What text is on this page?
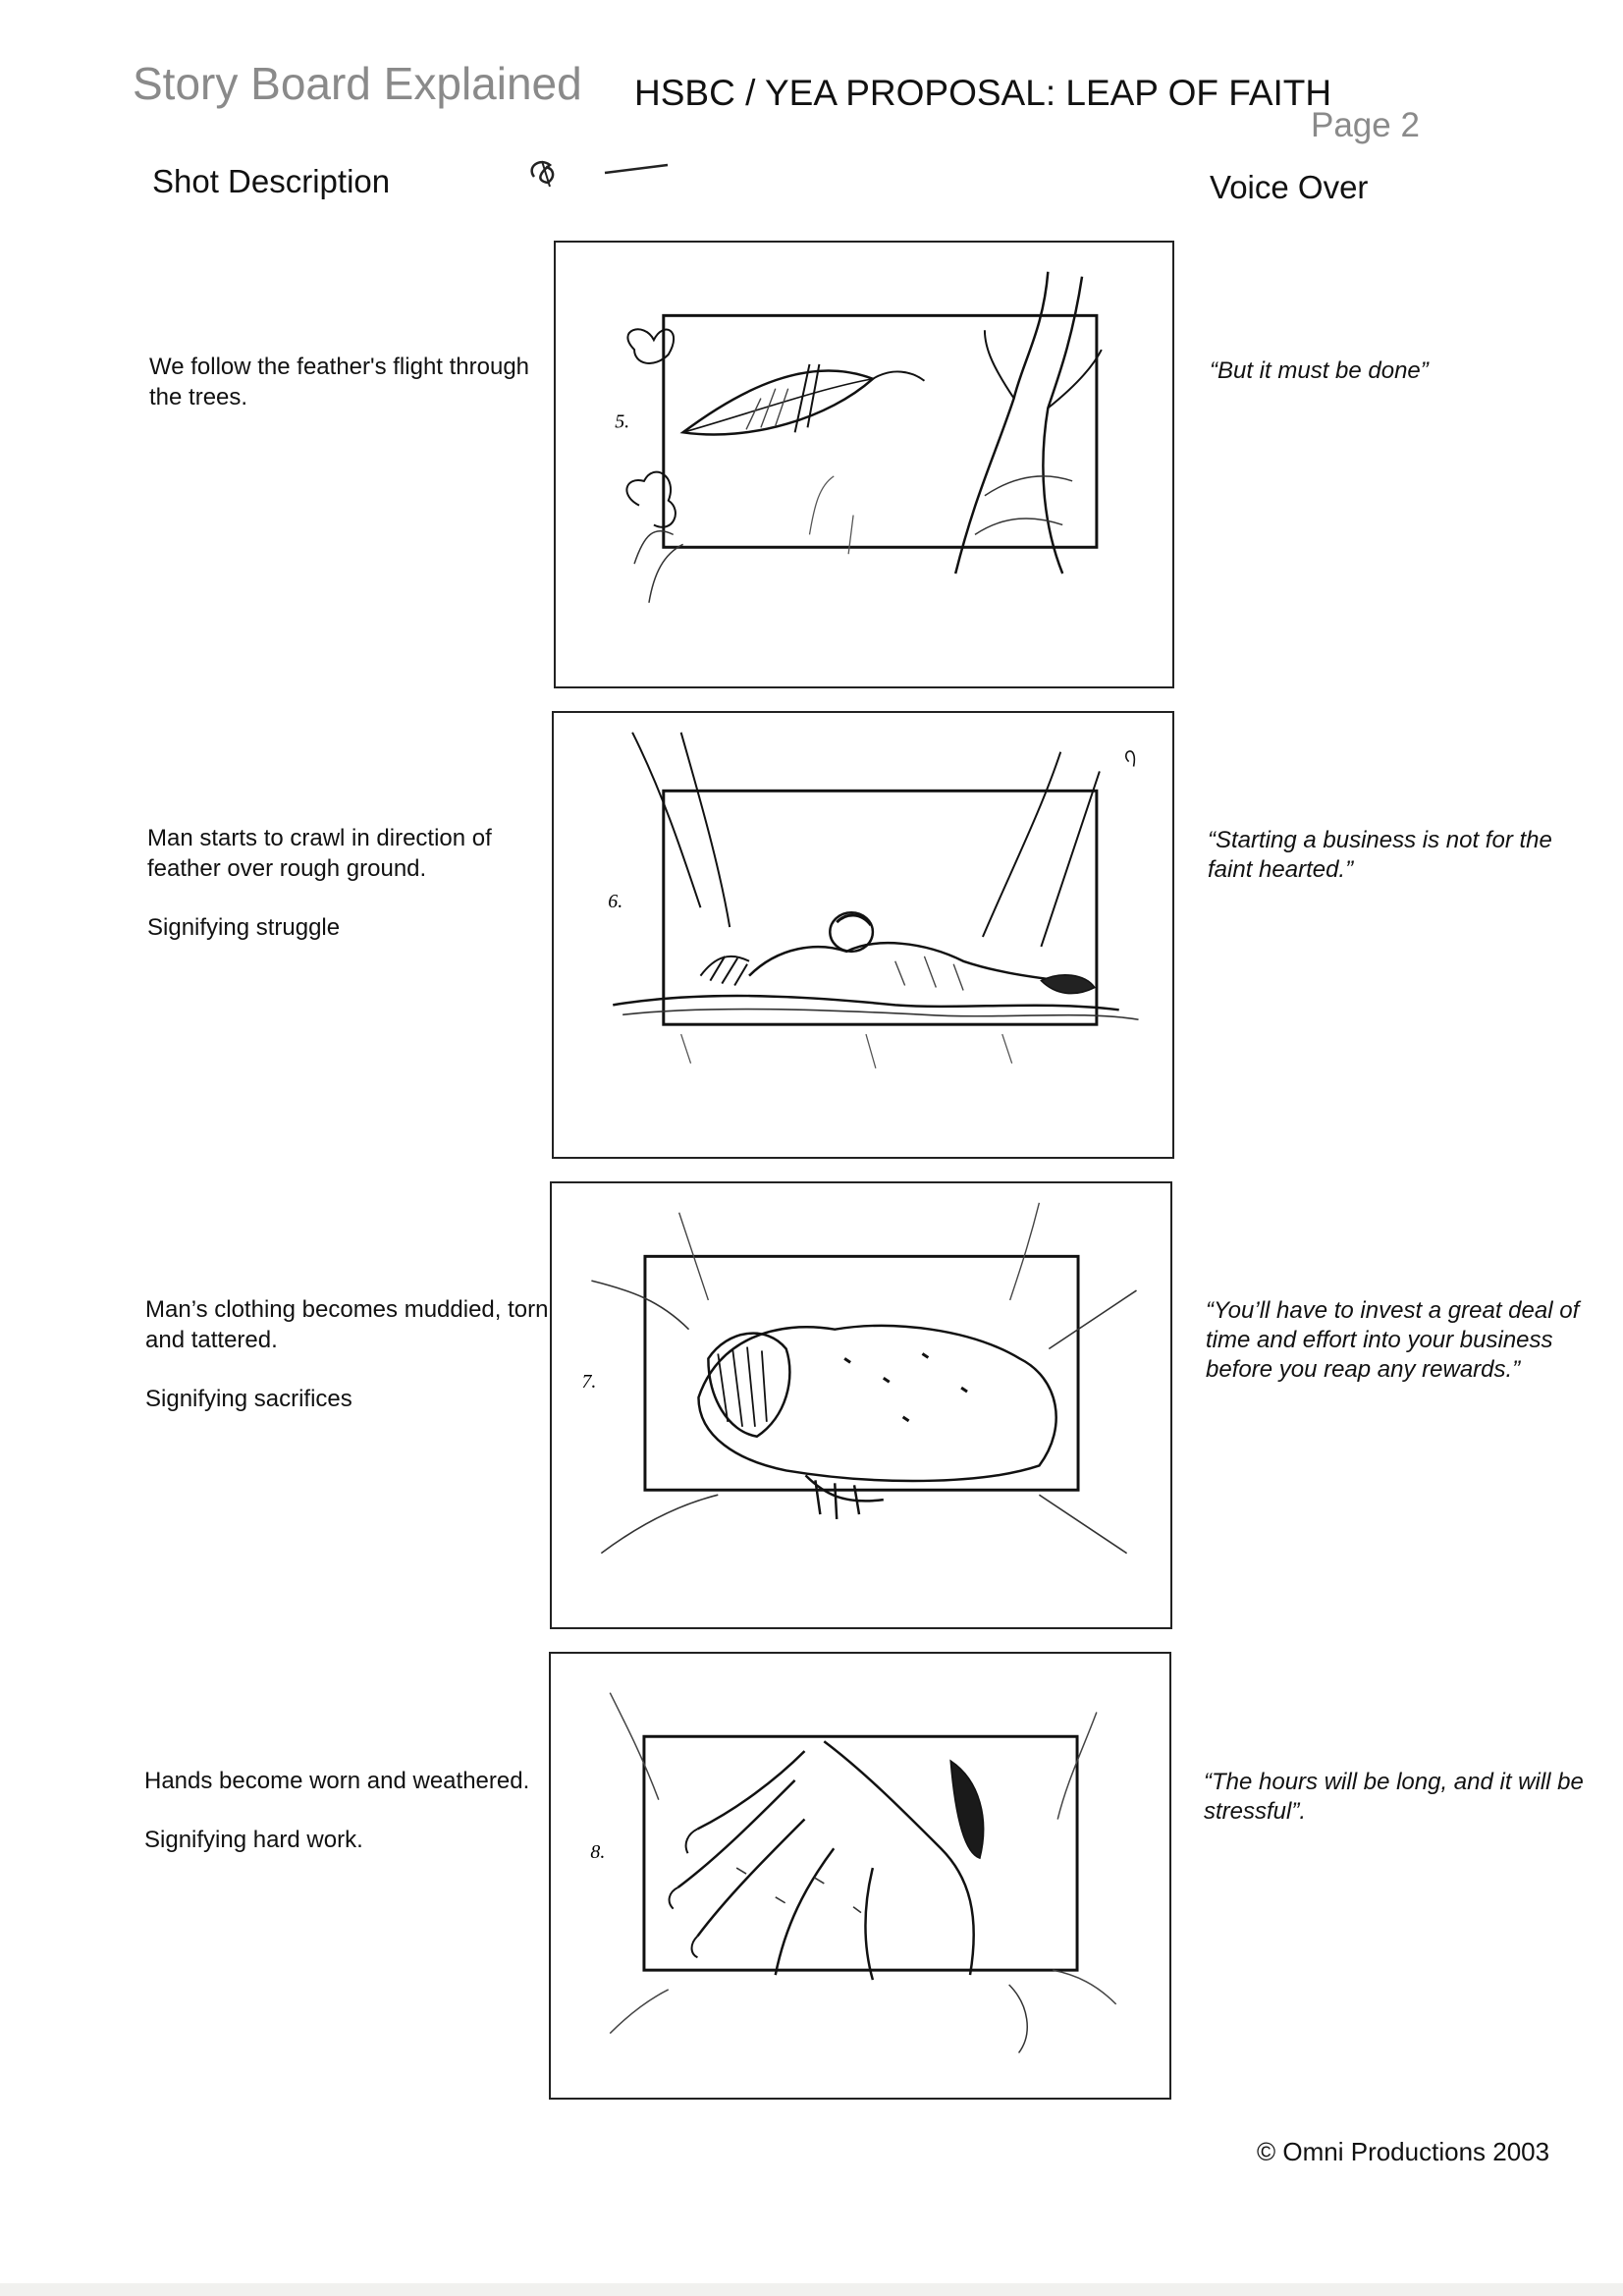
Story Board Explained HSBC / YEA PROPOSAL: LEAP OF FAITH
Page 2
Shot Description	Voice Over

We follow the feather's flight through the trees.

“But it must be done”
5.

Man starts to crawl in direction of feather over rough ground.

Signifying struggle

“Starting a business is not for the faint hearted.”
6.

Man’s clothing becomes muddied, torn and tattered.

Signifying sacrifices

“You’ll have to invest a great deal of time and effort into your business before you reap any rewards.”
7.

Hands become worn and weathered.

Signifying hard work.

“The hours will be long, and it will be stressful”.
8.
© Omni Productions 2003
